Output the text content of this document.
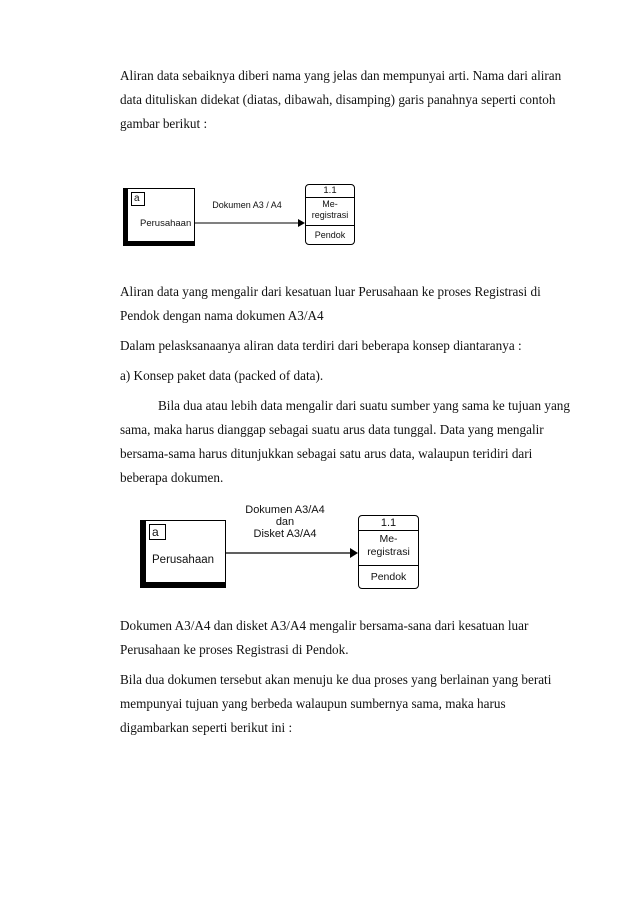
Aliran data sebaiknya diberi nama yang jelas dan mempunyai arti. Nama dari aliran data dituliskan didekat (diatas, dibawah, disamping) garis panahnya seperti contoh gambar berikut :

a
Perusahaan
Dokumen A3 / A4
1.1
Me-
registrasi
Pendok

Aliran data yang mengalir dari kesatuan luar Perusahaan ke proses Registrasi di Pendok dengan nama dokumen A3/A4

Dalam pelasksanaanya aliran data terdiri dari beberapa konsep diantaranya :

a) Konsep paket data (packed of data).

Bila dua atau lebih data mengalir dari suatu sumber yang sama ke tujuan yang sama, maka harus dianggap sebagai suatu arus data tunggal. Data yang mengalir bersama-sama harus ditunjukkan sebagai satu arus data, walaupun teridiri dari beberapa dokumen.

a
Perusahaan
Dokumen A3/A4
dan
Disket A3/A4
1.1
Me-
registrasi
Pendok

Dokumen A3/A4 dan disket A3/A4 mengalir bersama-sana dari kesatuan luar Perusahaan ke proses Registrasi di Pendok.

Bila dua dokumen tersebut akan menuju ke dua proses yang berlainan yang berati mempunyai tujuan yang berbeda walaupun sumbernya sama, maka harus digambarkan seperti berikut ini :
